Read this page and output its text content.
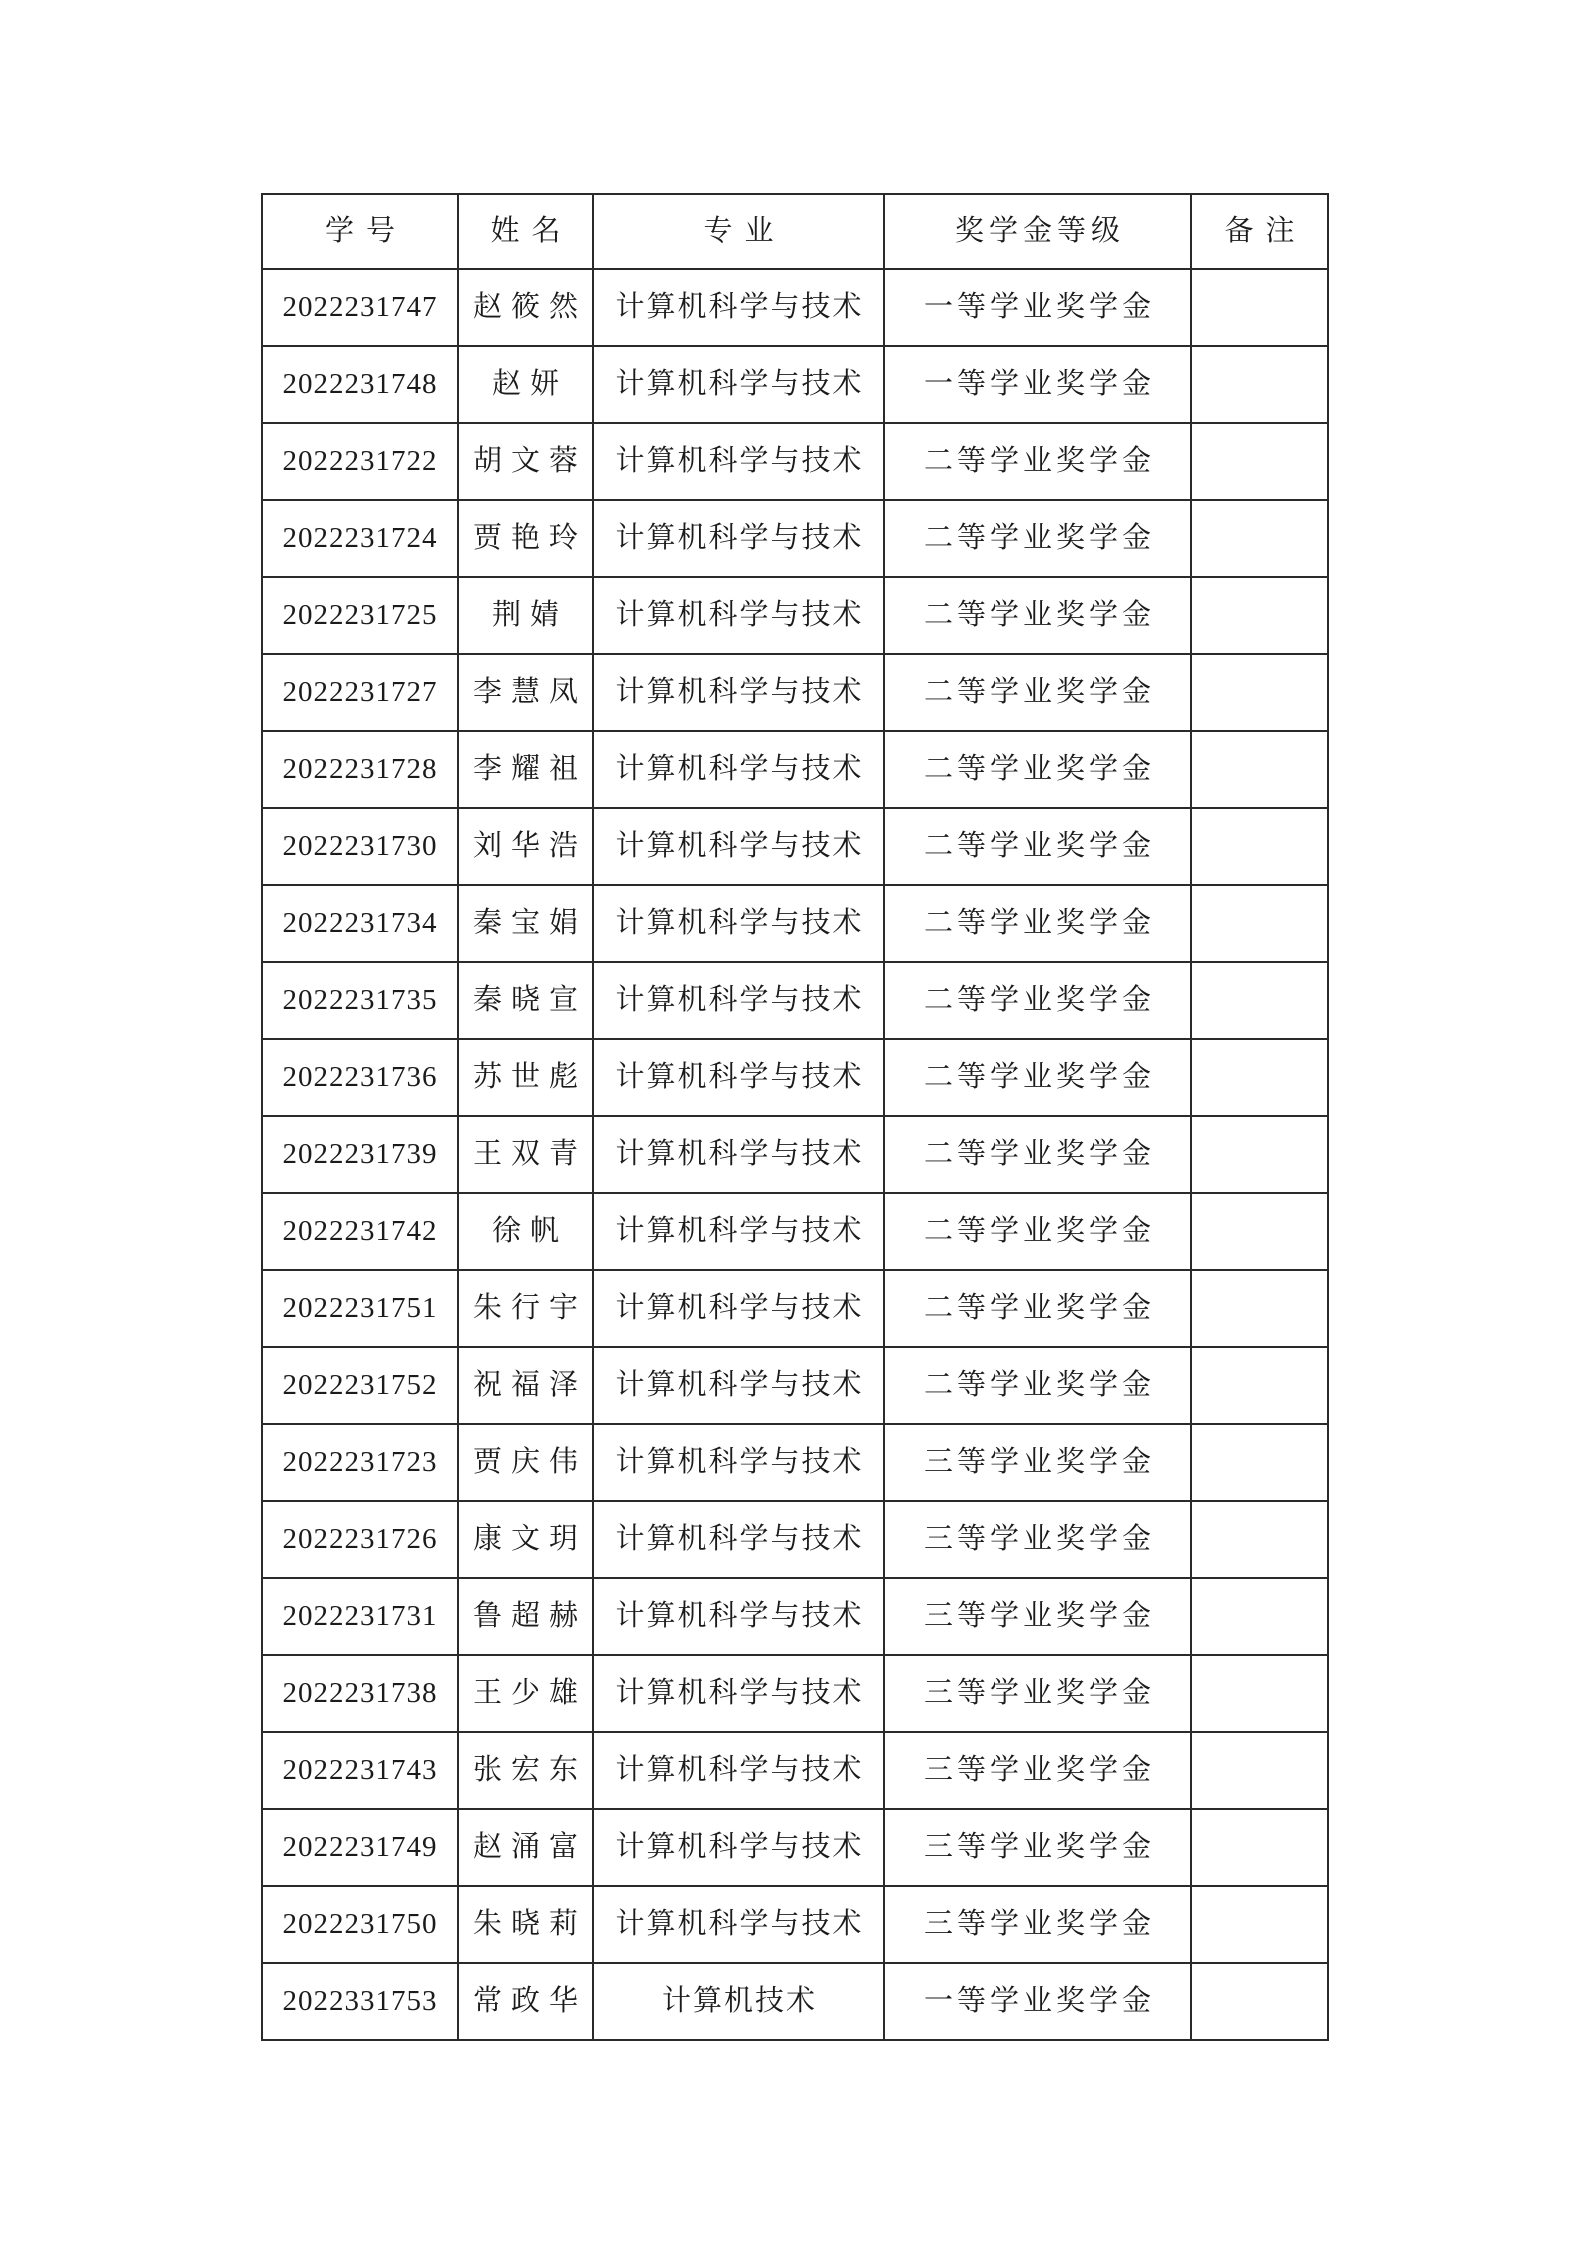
学号	姓名	专业	奖学金等级	备注
2022231747	赵筱然	计算机科学与技术	一等学业奖学金	
2022231748	赵妍	计算机科学与技术	一等学业奖学金	
2022231722	胡文蓉	计算机科学与技术	二等学业奖学金	
2022231724	贾艳玲	计算机科学与技术	二等学业奖学金	
2022231725	荆婧	计算机科学与技术	二等学业奖学金	
2022231727	李慧凤	计算机科学与技术	二等学业奖学金	
2022231728	李耀祖	计算机科学与技术	二等学业奖学金	
2022231730	刘华浩	计算机科学与技术	二等学业奖学金	
2022231734	秦宝娟	计算机科学与技术	二等学业奖学金	
2022231735	秦晓宣	计算机科学与技术	二等学业奖学金	
2022231736	苏世彪	计算机科学与技术	二等学业奖学金	
2022231739	王双青	计算机科学与技术	二等学业奖学金	
2022231742	徐帆	计算机科学与技术	二等学业奖学金	
2022231751	朱行宇	计算机科学与技术	二等学业奖学金	
2022231752	祝福泽	计算机科学与技术	二等学业奖学金	
2022231723	贾庆伟	计算机科学与技术	三等学业奖学金	
2022231726	康文玥	计算机科学与技术	三等学业奖学金	
2022231731	鲁超赫	计算机科学与技术	三等学业奖学金	
2022231738	王少雄	计算机科学与技术	三等学业奖学金	
2022231743	张宏东	计算机科学与技术	三等学业奖学金	
2022231749	赵涌富	计算机科学与技术	三等学业奖学金	
2022231750	朱晓莉	计算机科学与技术	三等学业奖学金	
2022331753	常政华	计算机技术	一等学业奖学金	
